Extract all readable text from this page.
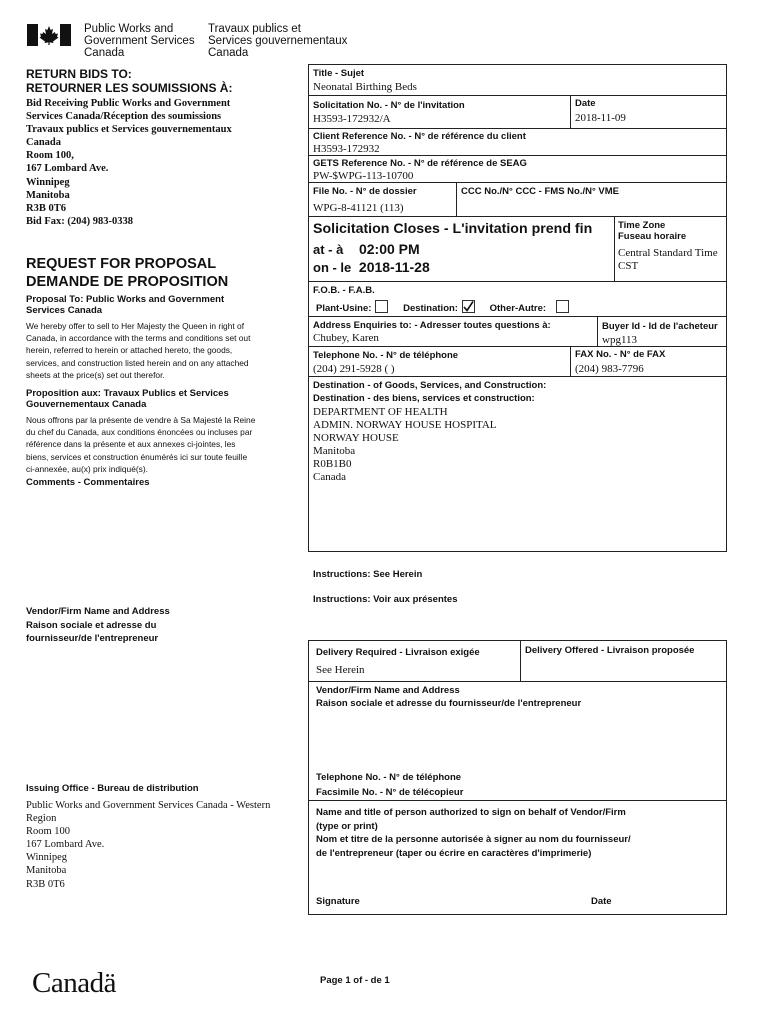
Public Works and
Government Services
Canada
Travaux publics et
Services gouvernementaux
Canada
RETURN BIDS TO:
RETOURNER LES SOUMISSIONS À:
Bid Receiving Public Works and Government
Services Canada/Réception des soumissions
Travaux publics et Services gouvernementaux
Canada
Room 100,
167 Lombard Ave.
Winnipeg
Manitoba
R3B 0T6
Bid Fax: (204) 983-0338
REQUEST FOR PROPOSAL
DEMANDE DE PROPOSITION
Proposal To: Public Works and Government Services Canada
We hereby offer to sell to Her Majesty the Queen in right of Canada, in accordance with the terms and conditions set out herein, referred to herein or attached hereto, the goods, services, and construction listed herein and on any attached sheets at the price(s) set out therefor.
Proposition aux: Travaux Publics et Services Gouvernementaux Canada
Nous offrons par la présente de vendre à Sa Majesté la Reine du chef du Canada, aux conditions énoncées ou incluses par référence dans la présente et aux annexes ci-jointes, les biens, services et construction énumérés ici sur toute feuille ci-annexée, au(x) prix indiqué(s).
Comments - Commentaires
Vendor/Firm Name and Address
Raison sociale et adresse du
fournisseur/de l'entrepreneur
Issuing Office - Bureau de distribution
Public Works and Government Services Canada - Western
Region
Room 100
167 Lombard Ave.
Winnipeg
Manitoba
R3B 0T6
Title - Sujet
Neonatal Birthing Beds
Solicitation No. - N° de l'invitation
H3593-172932/A
Date
2018-11-09
Client Reference No. - N° de référence du client
H3593-172932
GETS Reference No. - N° de référence de SEAG
PW-$WPG-113-10700
File No. - N° de dossier
WPG-8-41121 (113)
CCC No./N° CCC - FMS No./N° VME
Solicitation Closes - L'invitation prend fin
at - à 02:00 PM
on - le 2018-11-28
Time Zone
Fuseau horaire
Central Standard Time
CST
F.O.B. - F.A.B.
Plant-Usine:	Destination:	Other-Autre:
Address Enquiries to: - Adresser toutes questions à:
Chubey, Karen
Buyer Id - Id de l'acheteur
wpg113
Telephone No. - N° de téléphone
(204) 291-5928 ( )
FAX No. - N° de FAX
(204) 983-7796
Destination - of Goods, Services, and Construction:
Destination - des biens, services et construction:
DEPARTMENT OF HEALTH
ADMIN. NORWAY HOUSE HOSPITAL
NORWAY HOUSE
Manitoba
R0B1B0
Canada
Instructions: See Herein
Instructions: Voir aux présentes
Delivery Required - Livraison exigée
See Herein
Delivery Offered - Livraison proposée
Vendor/Firm Name and Address
Raison sociale et adresse du fournisseur/de l'entrepreneur
Telephone No. - N° de téléphone
Facsimile No. - N° de télécopieur
Name and title of person authorized to sign on behalf of Vendor/Firm
(type or print)
Nom et titre de la personne autorisée à signer au nom du fournisseur/
de l'entrepreneur (taper ou écrire en caractères d'imprimerie)
Signature	Date
Canadä	Page 1 of - de 1
